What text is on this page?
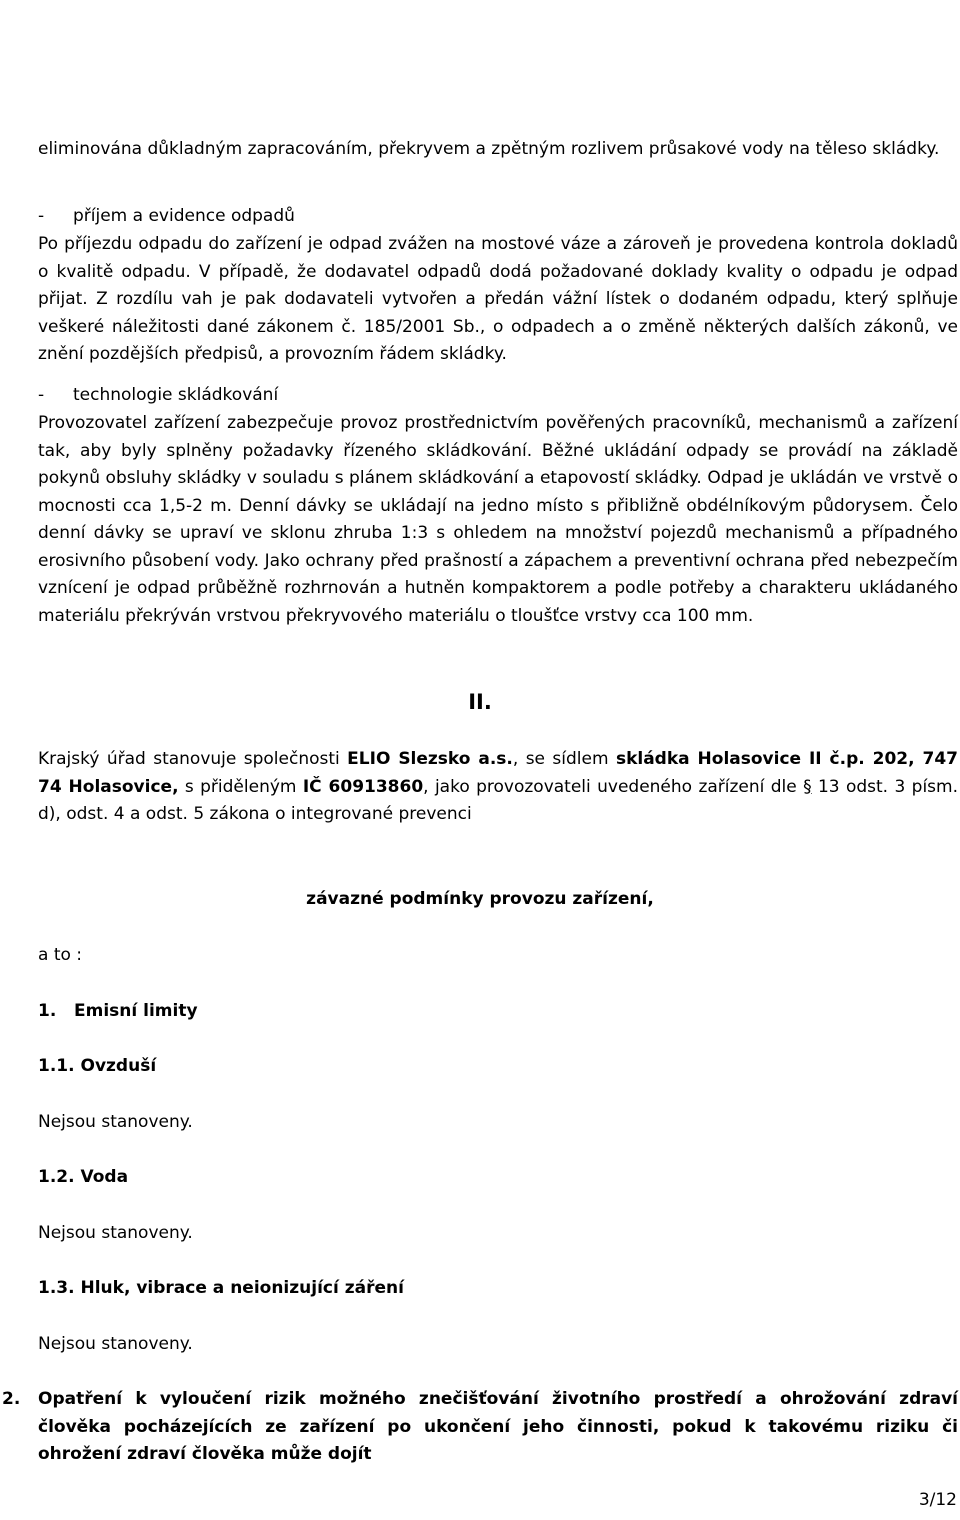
ELIO Slezsko a.s. – Řízená skládka odpadů Holasovice II
Integrované povolení čj. ŽPZ/4581/03/Kl ze dne 19. 11. 2003, ve znění pozdějších změn

eliminována důkladným zapracováním, překryvem a zpětným rozlivem průsakové vody na těleso skládky.

- příjem a evidence odpadů

Po příjezdu odpadu do zařízení je odpad zvážen na mostové váze a zároveň je provedena kontrola dokladů o kvalitě odpadu. V případě, že dodavatel odpadů dodá požadované doklady kvality o odpadu je odpad přijat. Z rozdílu vah je pak dodavateli vytvořen a předán vážní lístek o dodaném odpadu, který splňuje veškeré náležitosti dané zákonem č. 185/2001 Sb., o odpadech a o změně některých dalších zákonů, ve znění pozdějších předpisů, a provozním řádem skládky.

- technologie skládkování

Provozovatel zařízení zabezpečuje provoz prostřednictvím pověřených pracovníků, mechanismů a zařízení tak, aby byly splněny požadavky řízeného skládkování. Běžné ukládání odpady se provádí na základě pokynů obsluhy skládky v souladu s plánem skládkování a etapovostí skládky. Odpad je ukládán ve vrstvě o mocnosti cca 1,5-2 m. Denní dávky se ukládají na jedno místo s přibližně obdélníkovým půdorysem. Čelo denní dávky se upraví ve sklonu zhruba 1:3 s ohledem na množství pojezdů mechanismů a případného erosivního působení vody. Jako ochrany před prašností a zápachem a preventivní ochrana před nebezpečím vznícení je odpad průběžně rozhrnován a hutněn kompaktorem a podle potřeby a charakteru ukládaného materiálu překrýván vrstvou překryvového materiálu o tloušťce vrstvy cca 100 mm.

II.

Krajský úřad stanovuje společnosti ELIO Slezsko a.s., se sídlem skládka Holasovice II č.p. 202, 747 74 Holasovice, s přiděleným IČ 60913860, jako provozovateli uvedeného zařízení dle § 13 odst. 3 písm. d), odst. 4 a odst. 5 zákona o integrované prevenci

závazné podmínky provozu zařízení,

a to :

1. Emisní limity

1.1. Ovzduší

Nejsou stanoveny.

1.2. Voda

Nejsou stanoveny.

1.3. Hluk, vibrace a neionizující záření

Nejsou stanoveny.

2. Opatření k vyloučení rizik možného znečišťování životního prostředí a ohrožování zdraví člověka pocházejících ze zařízení po ukončení jeho činnosti, pokud k takovému riziku či ohrožení zdraví člověka může dojít

3/12
